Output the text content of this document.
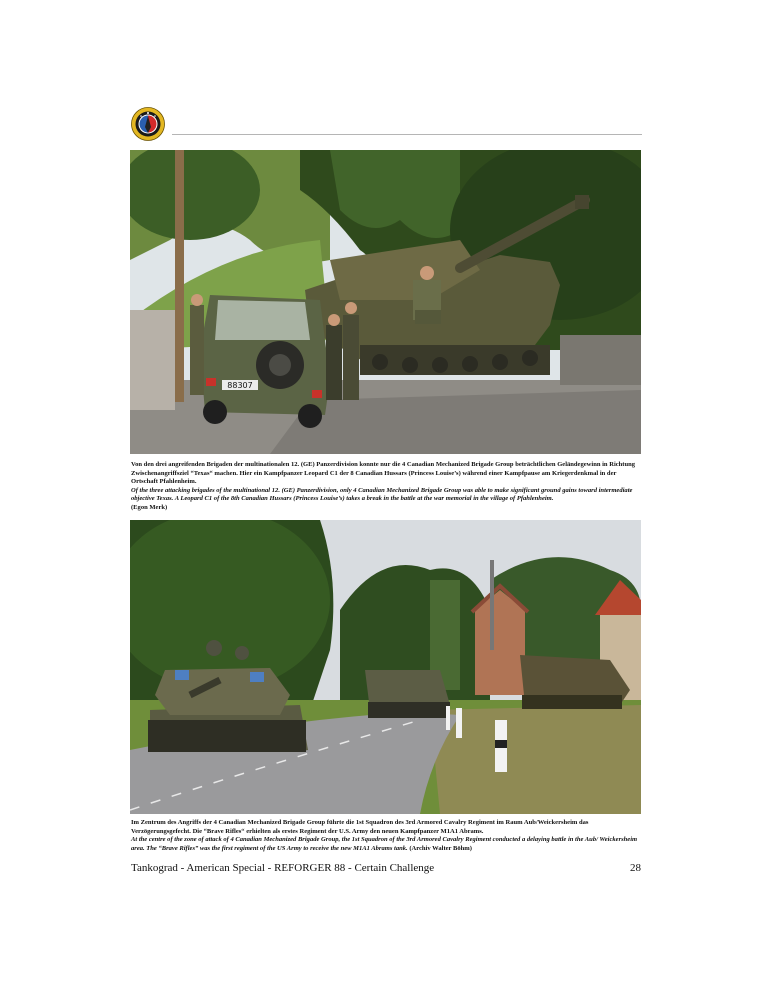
88307
Von den drei angreifenden Brigaden der multinationalen 12. (GE) Panzerdivision konnte nur die 4 Canadian Mechanized Brigade Group beträchtlichen Geländegewinn in Richtung Zwischenangriffsziel “Texas“ machen. Hier ein Kampfpanzer Leopard C1 der 8 Canadian Hussars (Princess Louise’s) während einer Kampfpause am Kriegerdenkmal in der Ortschaft Pfahlenheim.
Of the three attacking brigades of the multinational 12. (GE) Panzerdivision, only 4 Canadian Mechanized Brigade Group was able to make significant ground gains toward intermediate objective Texas. A Leopard C1 of the 8th Canadian Hussars (Princess Louise’s) takes a break in the battle at the war memorial in the village of Pfahlenheim.
(Egon Merk)
Im Zentrum des Angriffs der 4 Canadian Mechanized Brigade Group führte die 1st Squadron des 3rd Armored Cavalry Regiment im Raum Aub/Weickersheim das Verzögerungsgefecht. Die “Brave Rifles“ erhielten als erstes Regiment der U.S. Army den neuen Kampfpanzer M1A1 Abrams.
At the centre of the zone of attack of 4 Canadian Mechanized Brigade Group, the 1st Squadron of the 3rd Armored Cavalry Regiment conducted a delaying battle in the Aub/ Weickersheim area. The “Brave Rifles” was the first regiment of the US Army to receive the new M1A1 Abrams tank. (Archiv Walter Böhm)
Tankograd - American Special - REFORGER 88 - Certain Challenge	28
